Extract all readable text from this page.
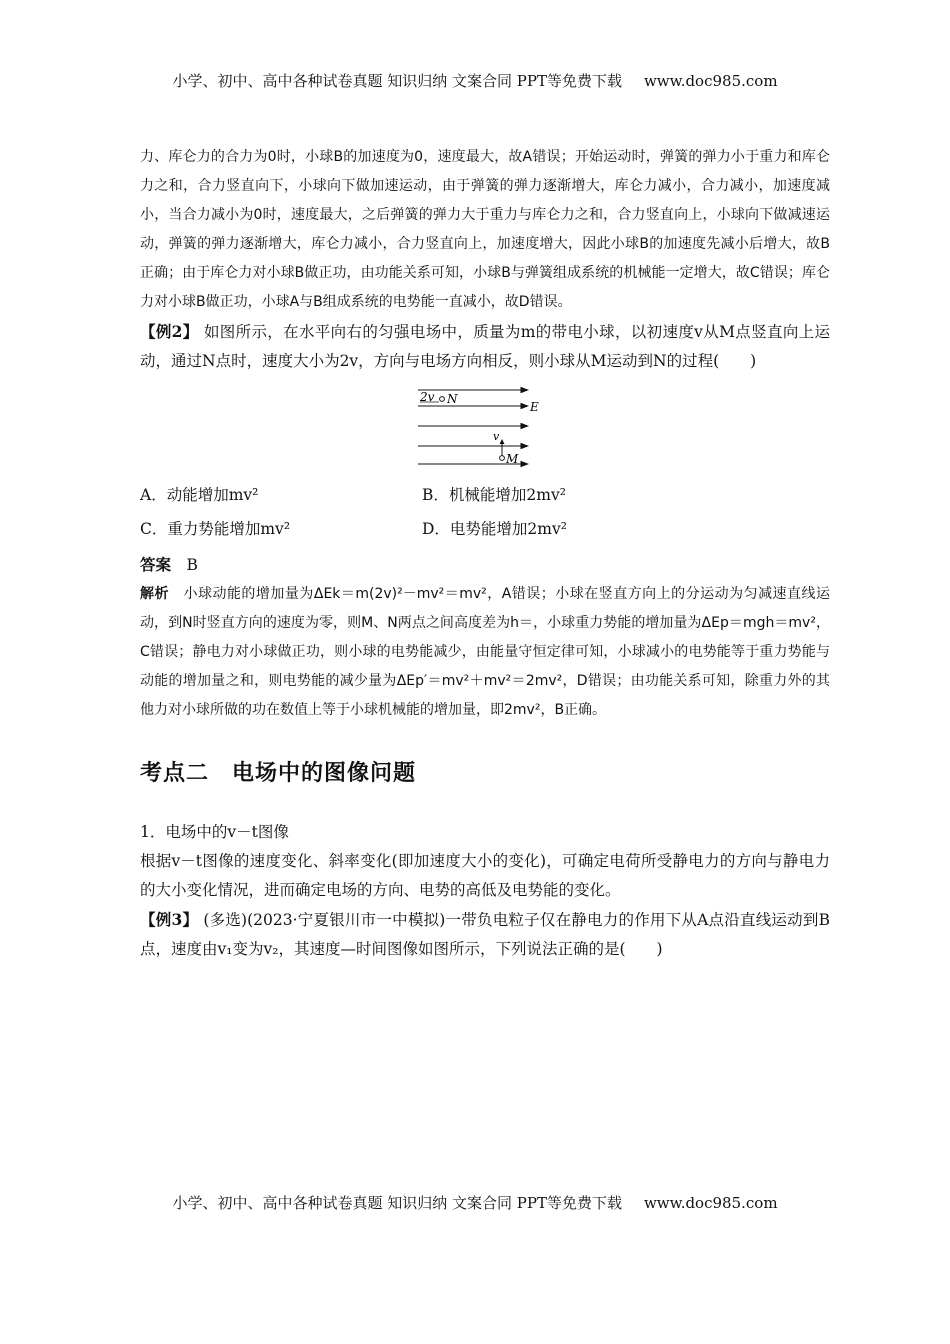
小学、初中、高中各种试卷真题 知识归纳 文案合同 PPT等免费下载 www.doc985.com

力、库仑力的合力为0时，小球B的加速度为0，速度最大，故A错误；开始运动时，弹簧的弹力小于重力和库仑力之和，合力竖直向下，小球向下做加速运动，由于弹簧的弹力逐渐增大，库仑力减小，合力减小，加速度减小，当合力减小为0时，速度最大，之后弹簧的弹力大于重力与库仑力之和，合力竖直向上，小球向下做减速运动，弹簧的弹力逐渐增大，库仑力减小，合力竖直向上，加速度增大，因此小球B的加速度先减小后增大，故B正确；由于库仑力对小球B做正功，由功能关系可知，小球B与弹簧组成系统的机械能一定增大，故C错误；库仑力对小球B做正功，小球A与B组成系统的电势能一直减小，故D错误。

【例2】 如图所示，在水平向右的匀强电场中，质量为m的带电小球，以初速度v从M点竖直向上运动，通过N点时，速度大小为2v，方向与电场方向相反，则小球从M运动到N的过程(　　)

2v N
E
v
M
A．动能增加mv²	B．机械能增加2mv²
C．重力势能增加mv²	D．电势能增加2mv²

答案　 B

解析　 小球动能的增加量为ΔEk＝m(2v)²－mv²＝mv²，A错误；小球在竖直方向上的分运动为匀减速直线运动，到N时竖直方向的速度为零，则M、N两点之间高度差为h＝，小球重力势能的增加量为ΔEp＝mgh＝mv²，C错误；静电力对小球做正功，则小球的电势能减少，由能量守恒定律可知，小球减小的电势能等于重力势能与动能的增加量之和，则电势能的减少量为ΔEp′＝mv²＋mv²＝2mv²，D错误；由功能关系可知，除重力外的其他力对小球所做的功在数值上等于小球机械能的增加量，即2mv²，B正确。

考点二　电场中的图像问题

1．电场中的v－t图像

根据v－t图像的速度变化、斜率变化(即加速度大小的变化)，可确定电荷所受静电力的方向与静电力的大小变化情况，进而确定电场的方向、电势的高低及电势能的变化。

【例3】 (多选)(2023·宁夏银川市一中模拟)一带负电粒子仅在静电力的作用下从A点沿直线运动到B点，速度由v₁变为v₂，其速度—时间图像如图所示，下列说法正确的是(　　)

小学、初中、高中各种试卷真题 知识归纳 文案合同 PPT等免费下载 www.doc985.com
